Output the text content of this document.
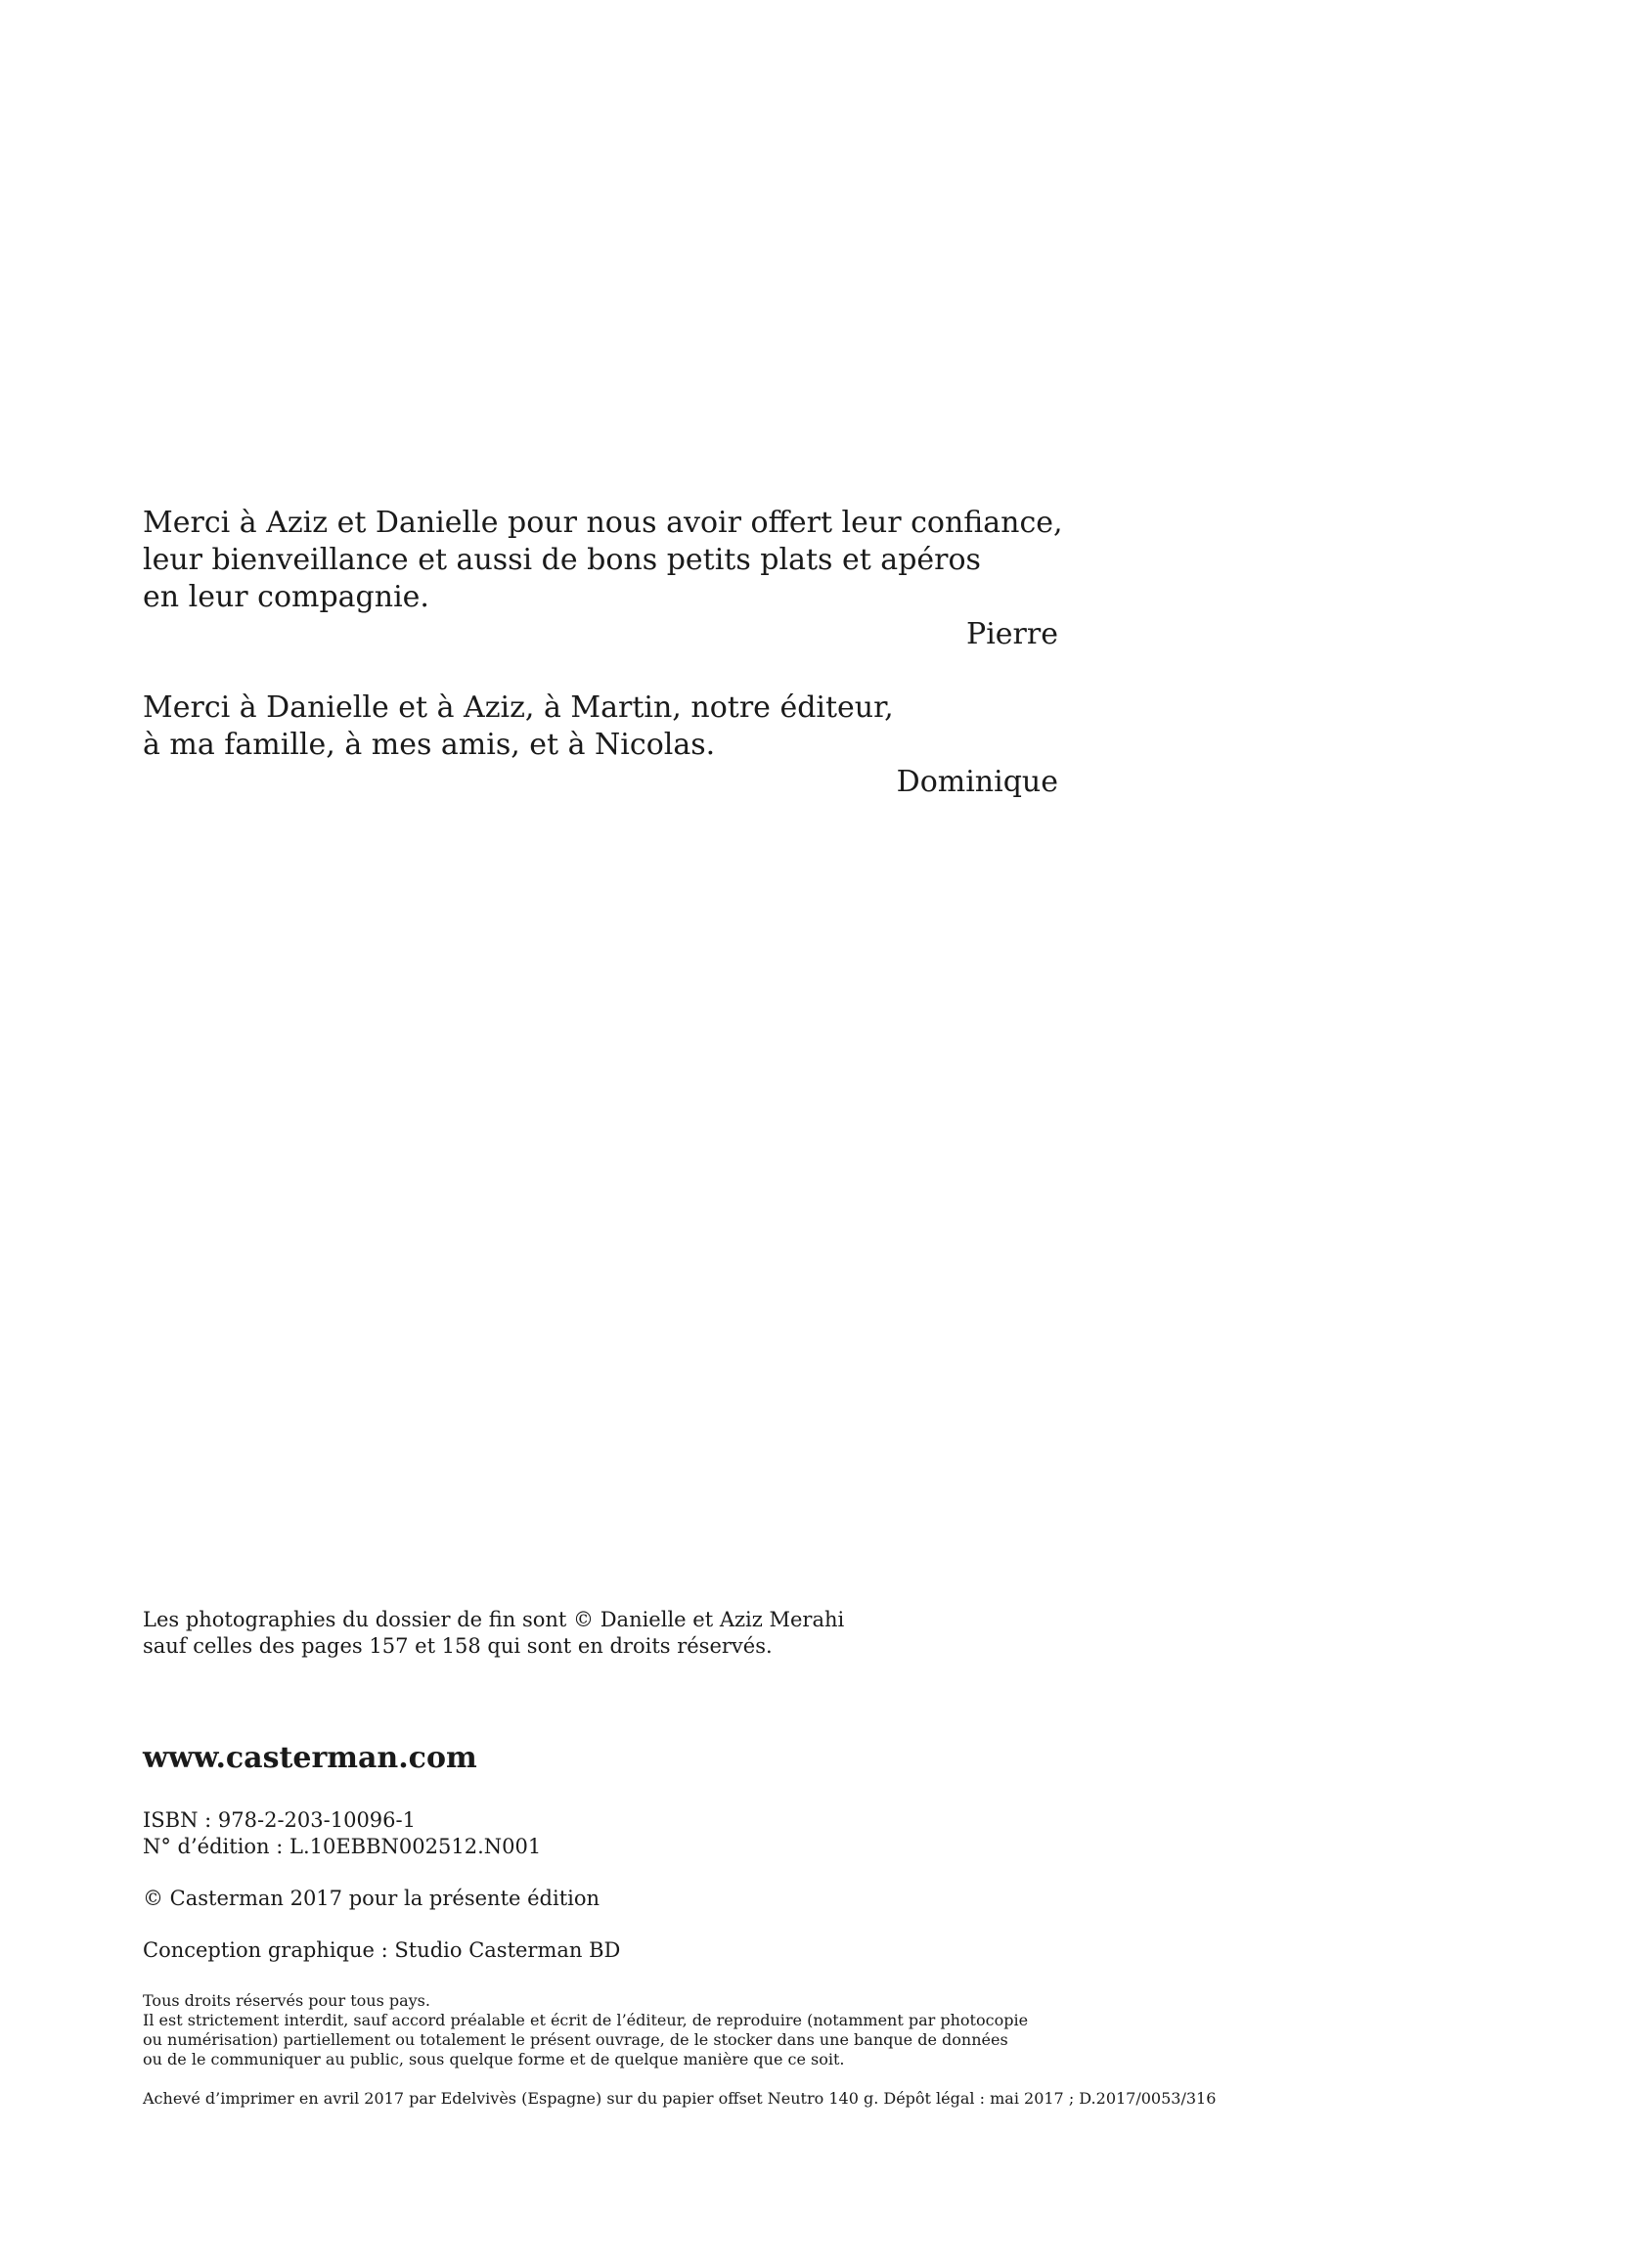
Merci à Aziz et Danielle pour nous avoir offert leur confiance,
leur bienveillance et aussi de bons petits plats et apéros
en leur compagnie.
Pierre
Merci à Danielle et à Aziz, à Martin, notre éditeur,
à ma famille, à mes amis, et à Nicolas.
Dominique
Les photographies du dossier de fin sont © Danielle et Aziz Merahi
sauf celles des pages 157 et 158 qui sont en droits réservés.
www.casterman.com
ISBN : 978-2-203-10096-1
N° d’édition : L.10EBBN002512.N001
© Casterman 2017 pour la présente édition
Conception graphique : Studio Casterman BD
Tous droits réservés pour tous pays.
Il est strictement interdit, sauf accord préalable et écrit de l’éditeur, de reproduire (notamment par photocopie
ou numérisation) partiellement ou totalement le présent ouvrage, de le stocker dans une banque de données
ou de le communiquer au public, sous quelque forme et de quelque manière que ce soit.
Achevé d’imprimer en avril 2017 par Edelvivès (Espagne) sur du papier offset Neutro 140 g. Dépôt légal : mai 2017 ; D.2017/0053/316
